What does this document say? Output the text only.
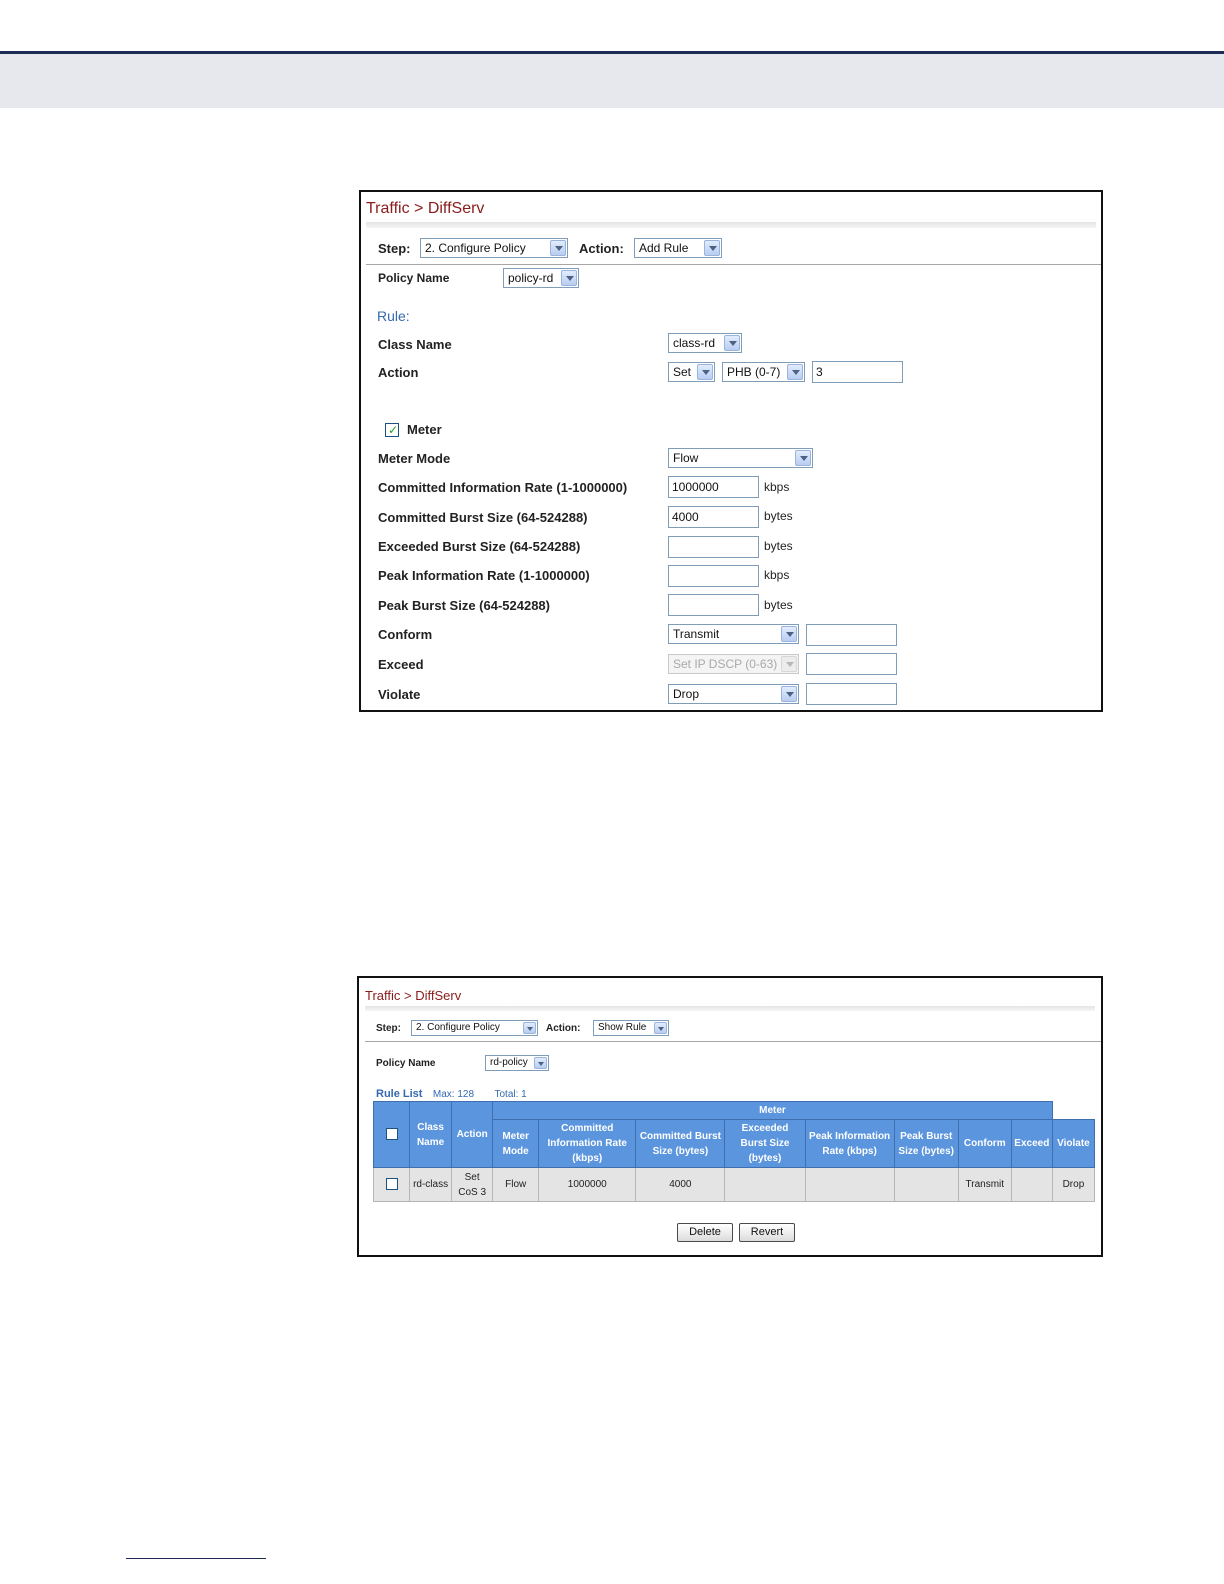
Traffic > DiffServ
Step:	2. Configure Policy	Action:	Add Rule
Policy Name	policy-rd
Rule:
Class Name	class-rd
Action	Set	PHB (0-7)	3
✓ Meter
Meter Mode	Flow
Committed Information Rate (1-1000000)	1000000	kbps
Committed Burst Size (64-524288)	4000	bytes
Exceeded Burst Size (64-524288)	bytes
Peak Information Rate (1-1000000)	kbps
Peak Burst Size (64-524288)	bytes
Conform	Transmit
Exceed	Set IP DSCP (0-63)
Violate	Drop
Traffic > DiffServ
Step:	2. Configure Policy	Action:	Show Rule
Policy Name	rd-policy
Rule List Max: 128 Total: 1
	Class Name	Action	Meter								
			Meter Mode	Committed Information Rate (kbps)	Committed Burst Size (bytes)	Exceeded Burst Size (bytes)	Peak Information Rate (kbps)	Peak Burst Size (bytes)	Conform	Exceed	Violate
	rd-class	Set CoS 3	Flow	1000000	4000				Transmit		Drop
Delete	Revert
